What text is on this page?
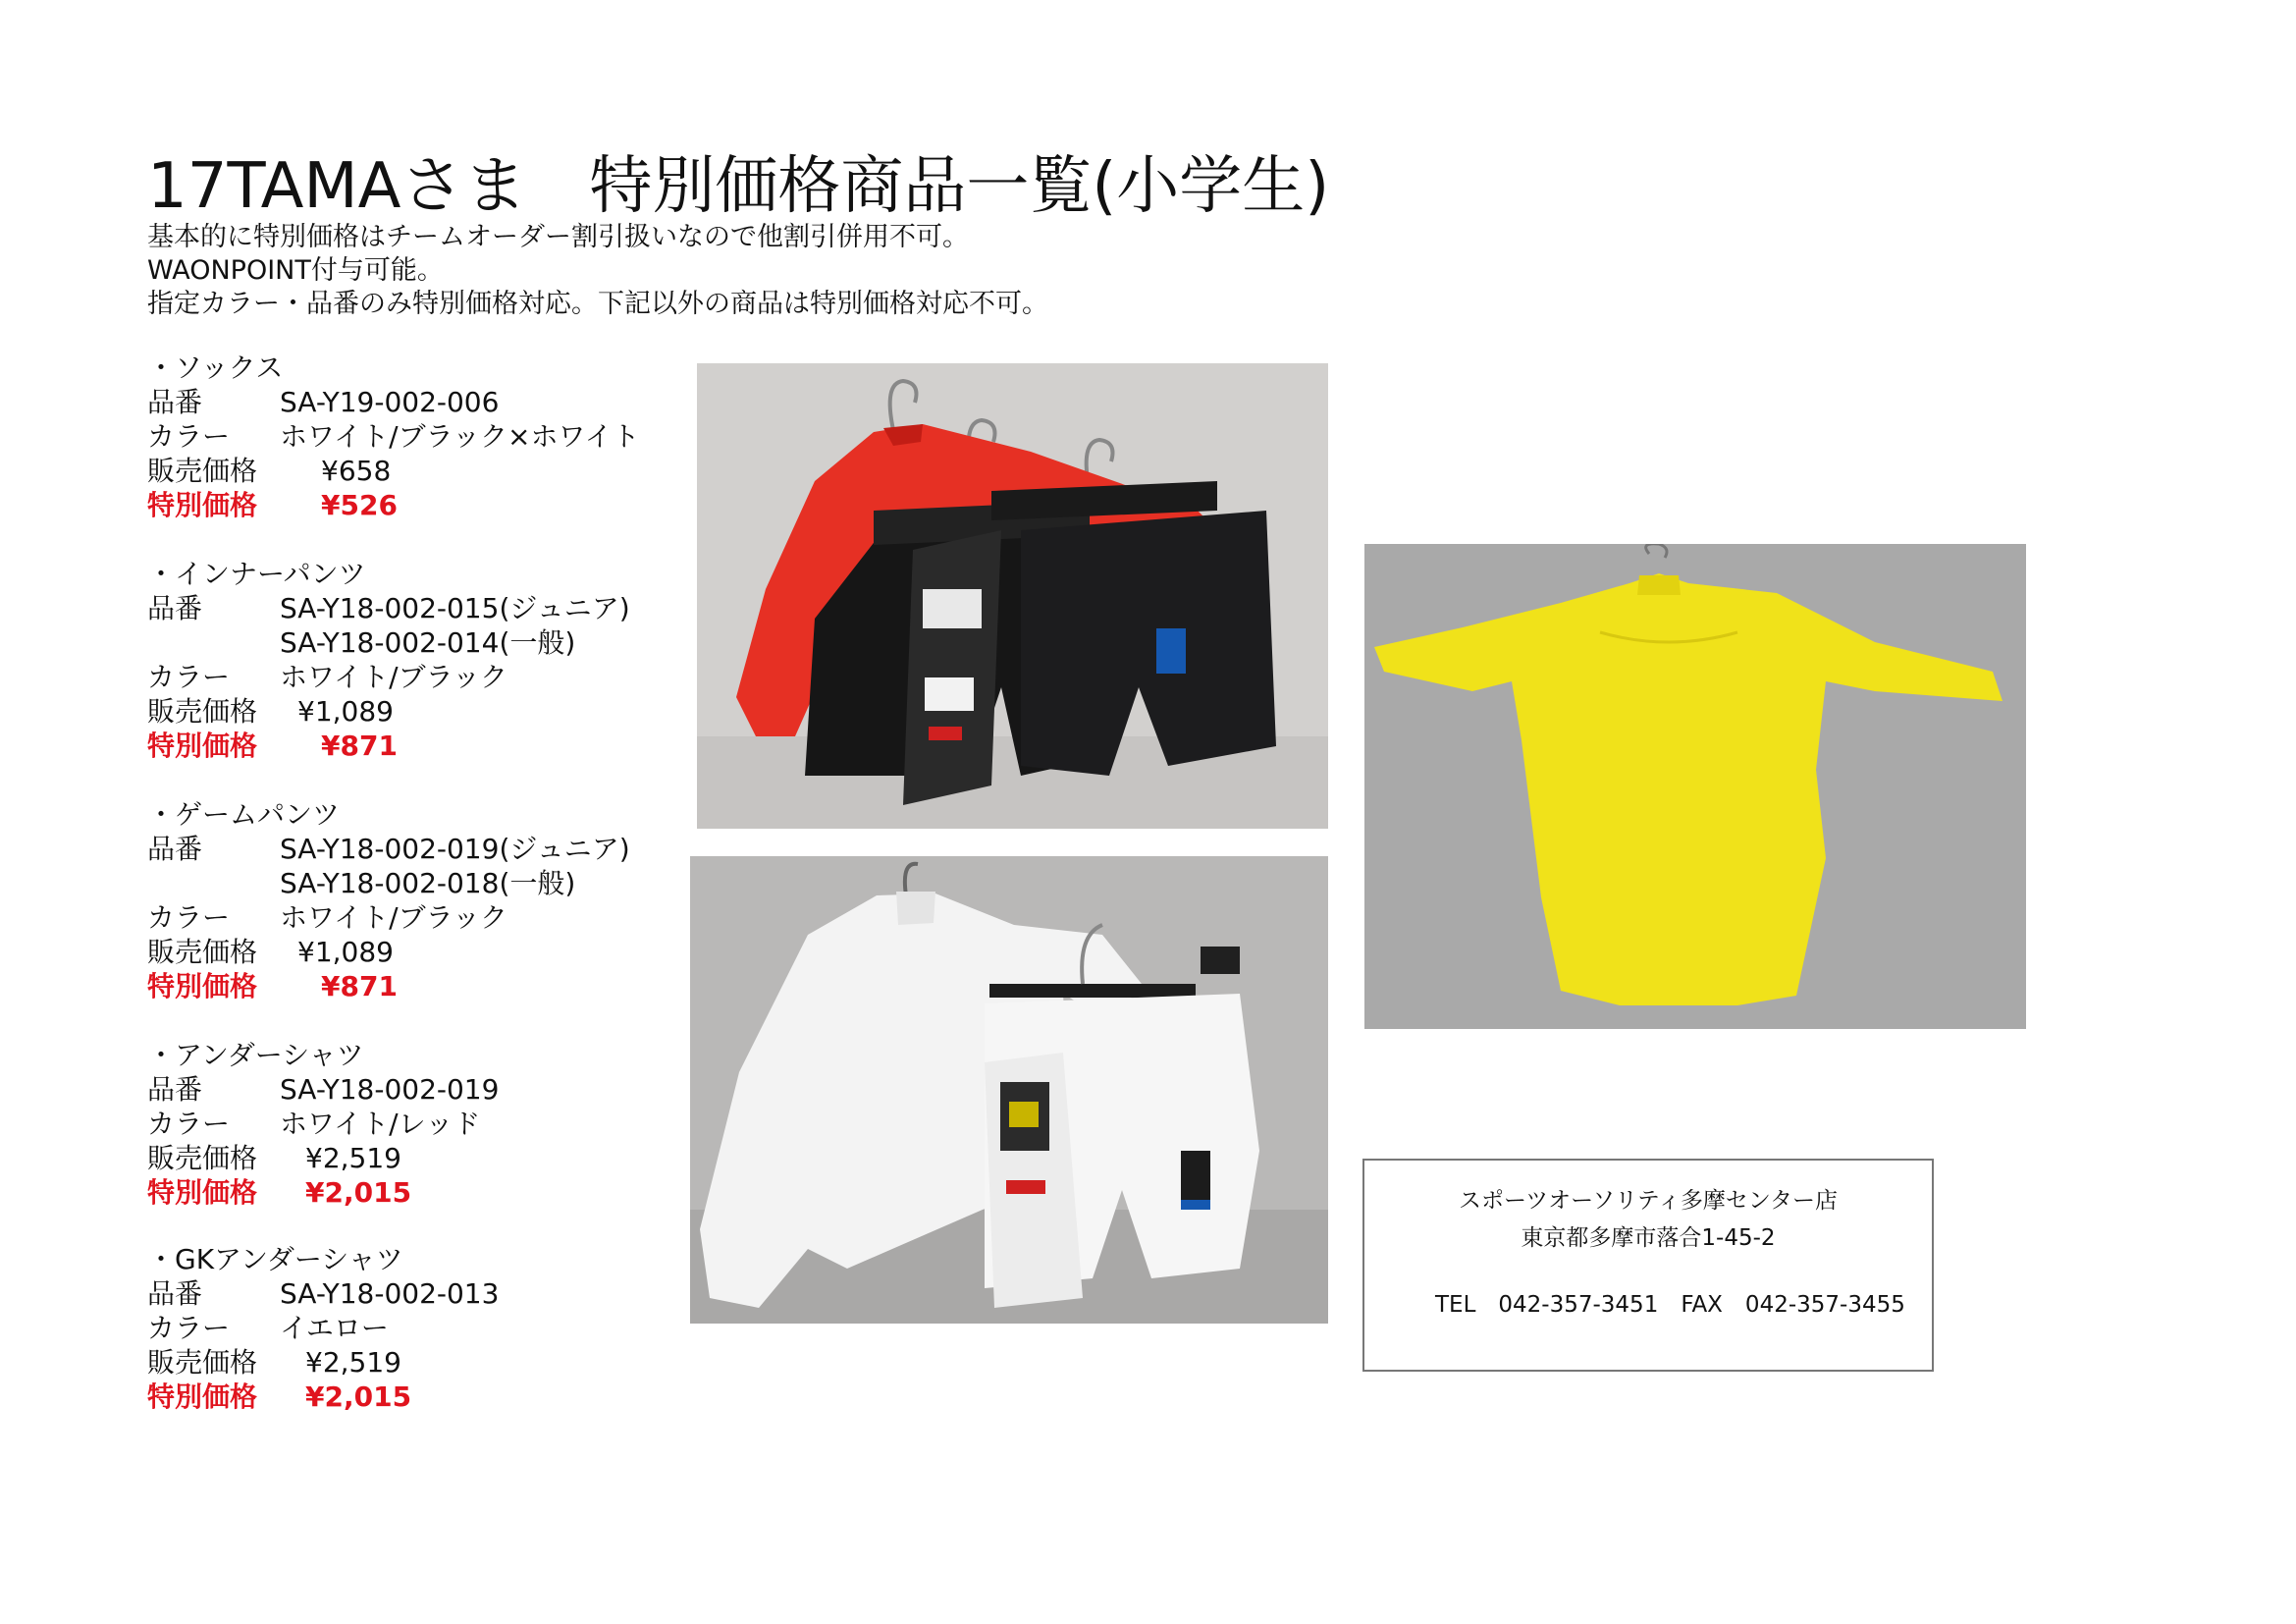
17TAMAさま　特別価格商品一覧(小学生)
基本的に特別価格はチームオーダー割引扱いなので他割引併用不可。
WAONPOINT付与可能。
指定カラー・品番のみ特別価格対応。下記以外の商品は特別価格対応不可。
・ソックス
品番	SA-Y19-002-006
カラー	ホワイト/ブラック×ホワイト
販売価格	¥658
特別価格	¥526
・インナーパンツ
品番	SA-Y18-002-015(ジュニア)
SA-Y18-002-014(一般)
カラー	ホワイト/ブラック
販売価格	¥1,089
特別価格	¥871
・ゲームパンツ
品番	SA-Y18-002-019(ジュニア)
SA-Y18-002-018(一般)
カラー	ホワイト/ブラック
販売価格	¥1,089
特別価格	¥871
・アンダーシャツ
品番	SA-Y18-002-019
カラー	ホワイト/レッド
販売価格	¥2,519
特別価格	¥2,015
・GKアンダーシャツ
品番	SA-Y18-002-013
カラー	イエロー
販売価格	¥2,519
特別価格	¥2,015
スポーツオーソリティ多摩センター店
東京都多摩市落合1-45-2
TEL　042-357-3451　FAX　042-357-3455
